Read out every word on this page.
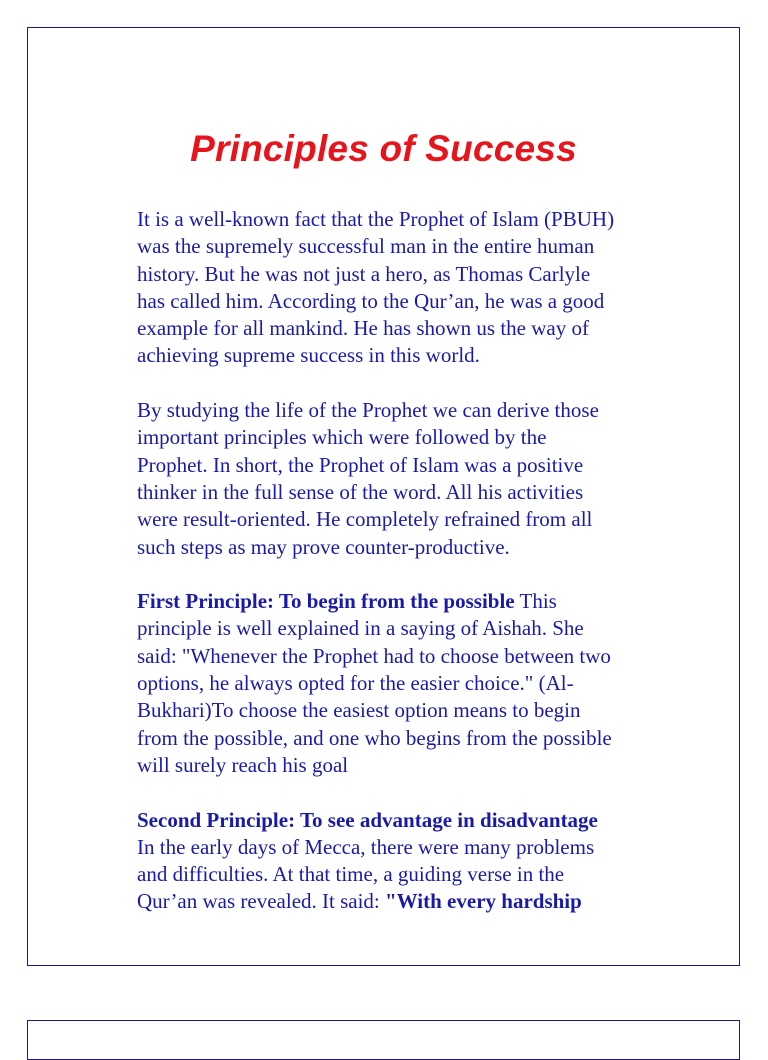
Principles of Success

It is a well-known fact that the Prophet of Islam (PBUH)
was the supremely successful man in the entire human
history. But he was not just a hero, as Thomas Carlyle
has called him. According to the Qur’an, he was a good
example for all mankind. He has shown us the way of
achieving supreme success in this world.

By studying the life of the Prophet we can derive those
important principles which were followed by the
Prophet. In short, the Prophet of Islam was a positive
thinker in the full sense of the word. All his activities
were result-oriented. He completely refrained from all
such steps as may prove counter-productive.

First Principle: To begin from the possible This
principle is well explained in a saying of Aishah. She
said: "Whenever the Prophet had to choose between two
options, he always opted for the easier choice." (Al-
Bukhari)To choose the easiest option means to begin
from the possible, and one who begins from the possible
will surely reach his goal

Second Principle: To see advantage in disadvantage
In the early days of Mecca, there were many problems
and difficulties. At that time, a guiding verse in the
Qur’an was revealed. It said: "With every hardship
